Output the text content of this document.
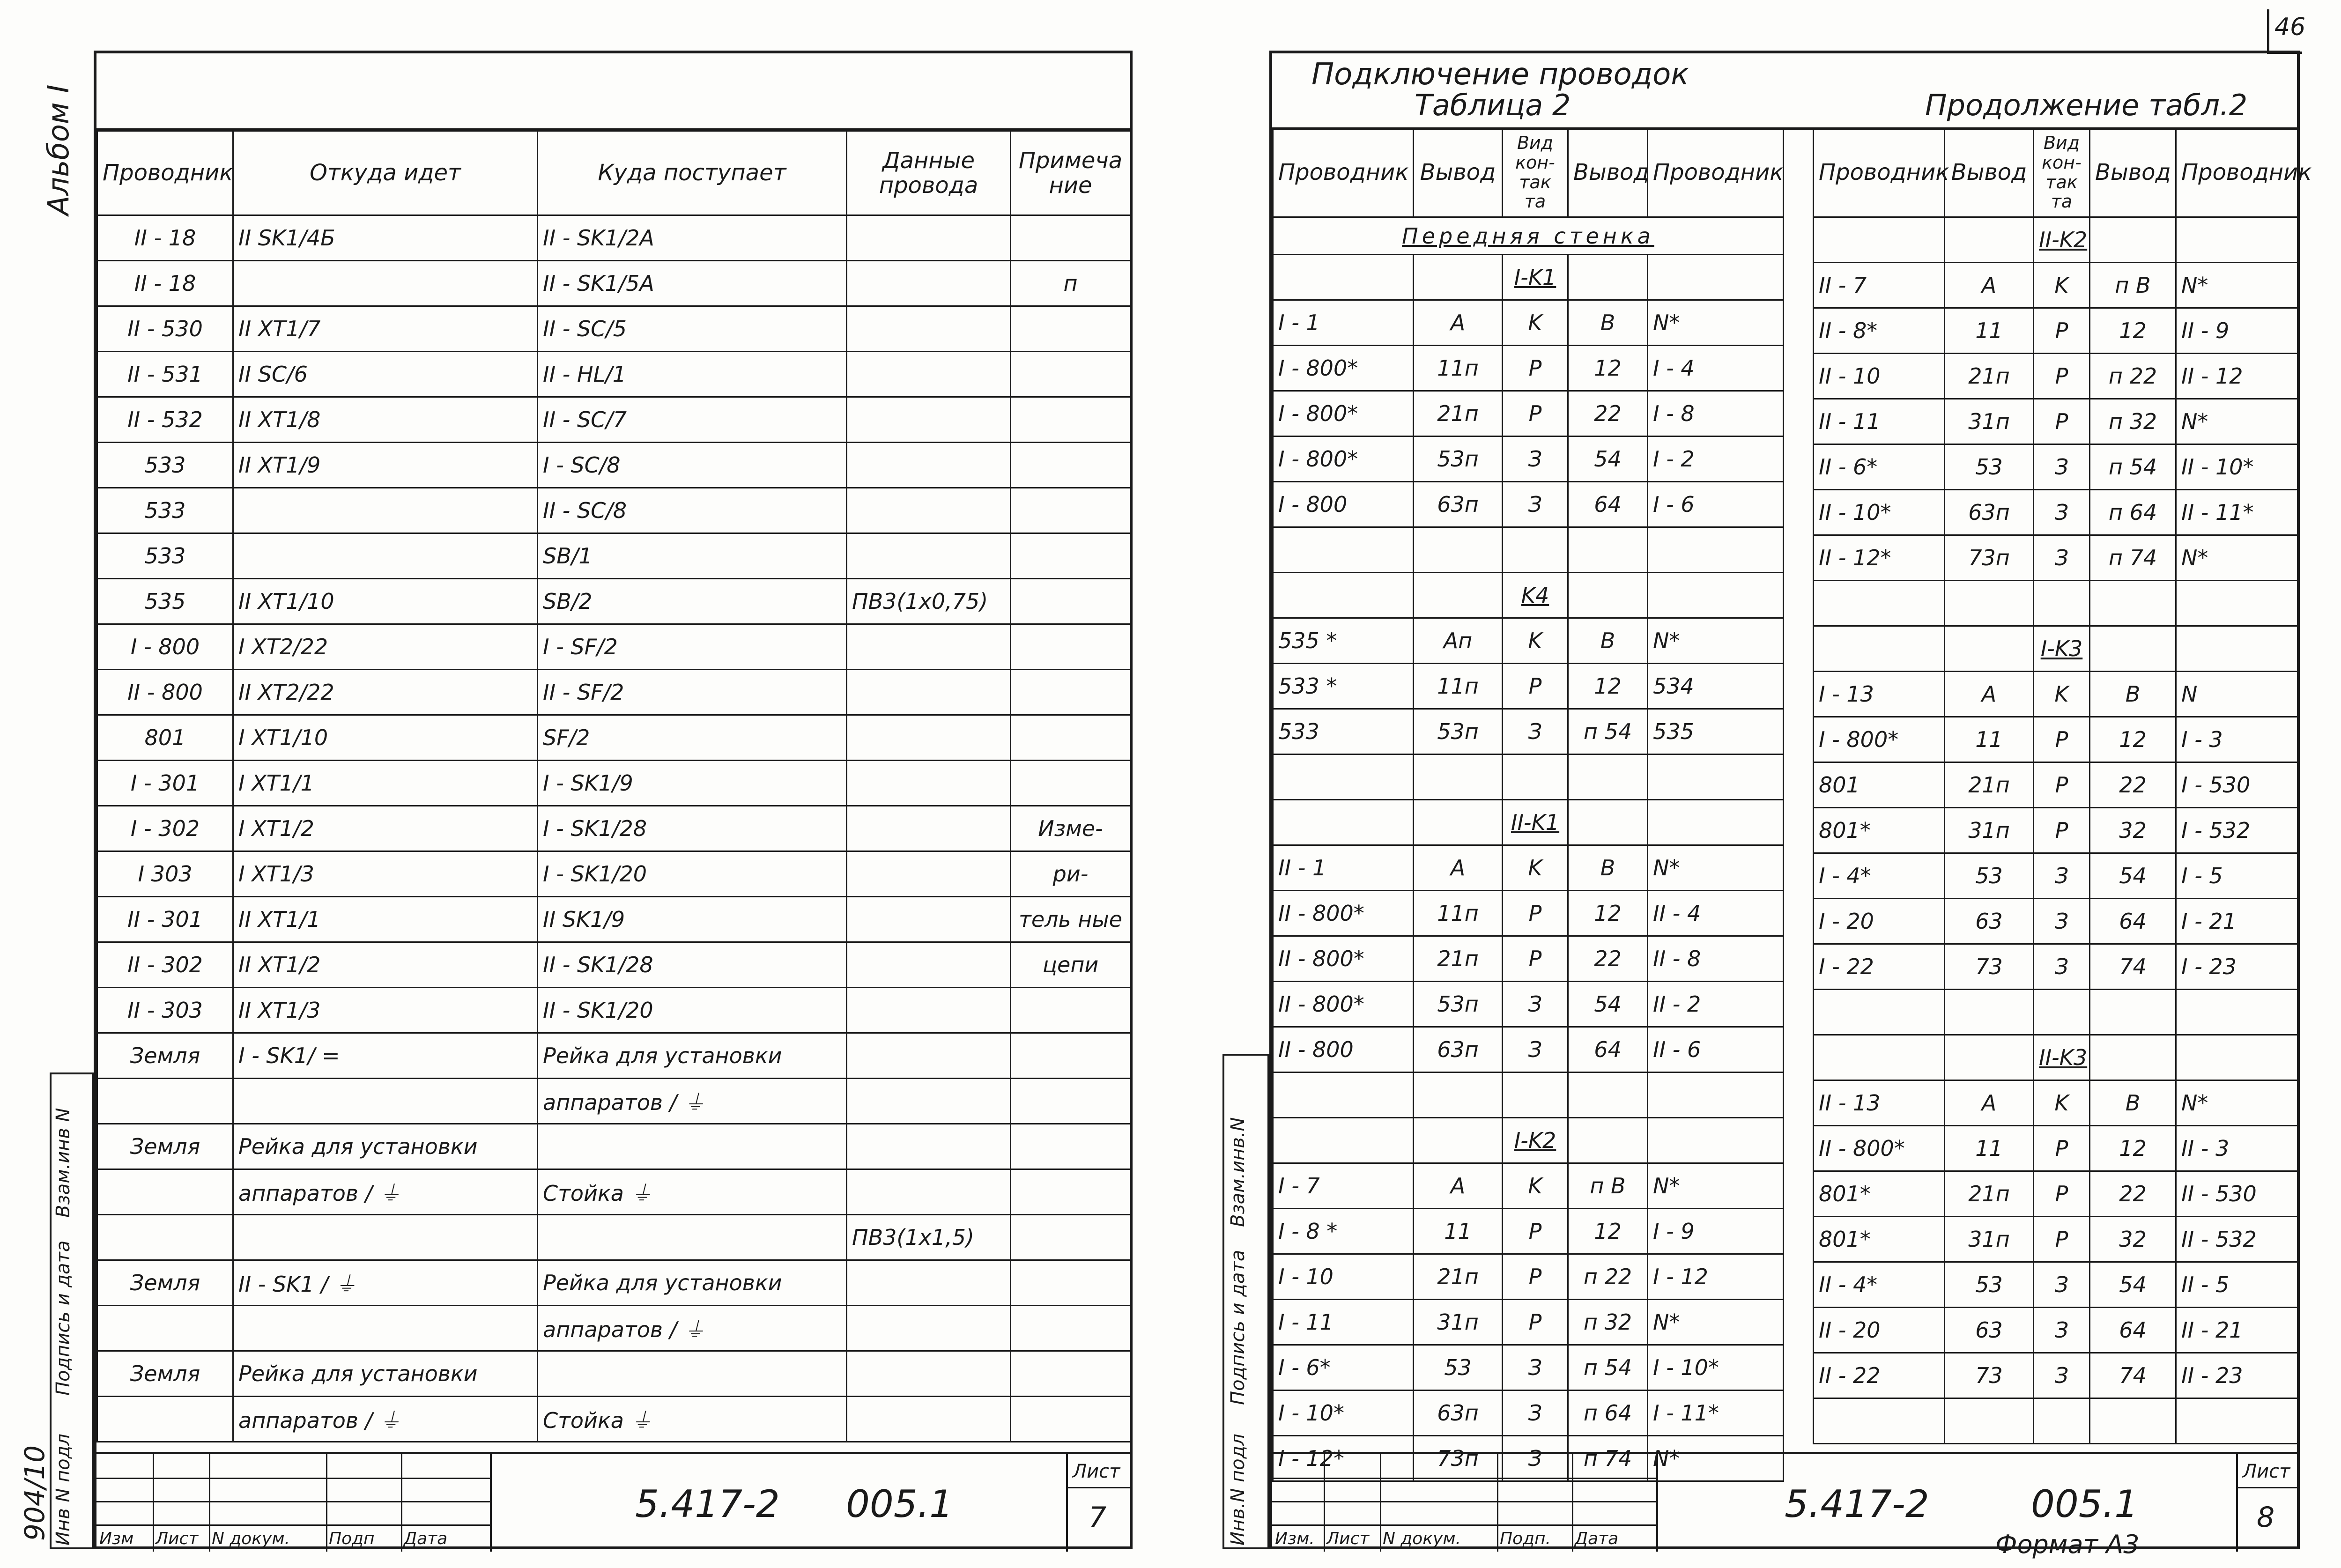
Альбом I Проводник	Откуда идет	Куда поступает	Данные провода	Примеча ние
II - 18	II SK1/4Б	II - SK1/2A		
II - 18		II - SK1/5A		п
II - 530	II XT1/7	II - SC/5		
II - 531	II SC/6	II - HL/1		
II - 532	II XT1/8	II - SC/7		
533	II XT1/9	I - SC/8		
533		II - SC/8		
533		SB/1		
535	II XT1/10	SB/2	ПВ3(1x0,75)	
I - 800	I XT2/22	I - SF/2		
II - 800	II XT2/22	II - SF/2		
801	I XT1/10	SF/2		
I - 301	I XT1/1	I - SK1/9		
I - 302	I XT1/2	I - SK1/28		Изме-
I 303	I XT1/3	I - SK1/20		ри-
II - 301	II XT1/1	II SK1/9		тель ные
II - 302	II XT1/2	II - SK1/28		цепи
II - 303	II XT1/3	II - SK1/20		
Земля	I - SK1/ =	Рейка для установки		
		аппаратов / ⏚		
Земля	Рейка для установки			
	аппаратов / ⏚	Стойка ⏚		
			ПВ3(1x1,5)	
Земля	II - SK1 / ⏚	Рейка для установки		
		аппаратов / ⏚		
Земля	Рейка для установки			
	аппаратов / ⏚	Стойка ⏚		
Инв N подл
Подпись и дата
Взам.инв N
904/10	Изм Лист N докум. Подп Дата
5.417-2 005.1
Лист
7
46
Подключение проводок
Таблица 2	Продолжение табл.2
Проводник	Вывод	Вид кон- так та	Вывод	Проводник
Передняя стенка				
		I-K1		
I - 1	A	K	B	N*
I - 800*	11п	P	12	I - 4
I - 800*	21п	P	22	I - 8
I - 800*	53п	З	54	I - 2
I - 800	63п	З	64	I - 6

		K4		
535 *	Aп	K	B	N*
533 *	11п	P	12	534
533	53п	З	п 54	535

		II-K1		
II - 1	A	K	B	N*
II - 800*	11п	P	12	II - 4
II - 800*	21п	P	22	II - 8
II - 800*	53п	З	54	II - 2
II - 800	63п	З	64	II - 6

		I-K2		
I - 7	A	K	п B	N*
I - 8 *	11	P	12	I - 9
I - 10	21п	P	п 22	I - 12
I - 11	31п	P	п 32	N*
I - 6*	53	З	п 54	I - 10*
I - 10*	63п	З	п 64	I - 11*
I - 12*	73п	З	п 74	N*
Проводник	Вывод	Вид кон- так та	Вывод	Проводник
		II-K2		
II - 7	A	K	п B	N*
II - 8*	11	P	12	II - 9
II - 10	21п	P	п 22	II - 12
II - 11	31п	P	п 32	N*
II - 6*	53	З	п 54	II - 10*
II - 10*	63п	З	п 64	II - 11*
II - 12*	73п	З	п 74	N*

		I-K3		
I - 13	A	K	B	N
I - 800*	11	P	12	I - 3
801	21п	P	22	I - 530
801*	31п	P	32	I - 532
I - 4*	53	З	54	I - 5
I - 20	63	З	64	I - 21
I - 22	73	З	74	I - 23

		II-K3		
II - 13	A	K	B	N*
II - 800*	11	P	12	II - 3
801*	21п	P	22	II - 530
801*	31п	P	32	II - 532
II - 4*	53	З	54	II - 5
II - 20	63	З	64	II - 21
II - 22	73	З	74	II - 23

Инв.N подл
Подпись и дата
Взам.инв.N
Изм. Лист N докум. Подп. Дата
5.417-2	005.1
Лист
8
Формат А3
